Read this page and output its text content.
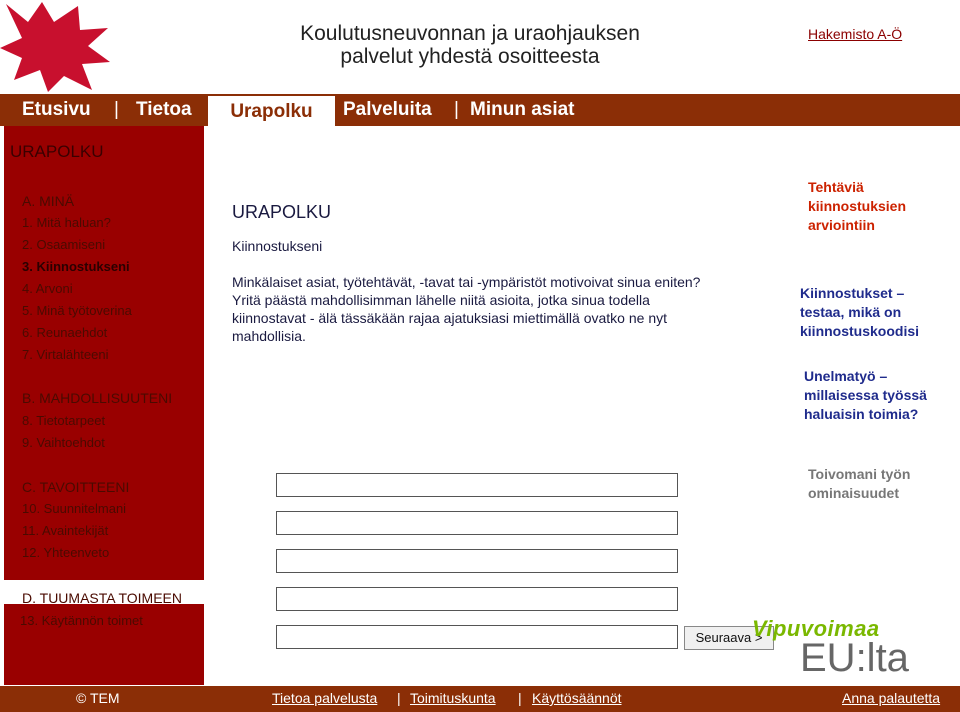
Koulutusneuvonnan ja uraohjauksen
palvelut yhdestä osoitteesta
Hakemisto A-Ö
Etusivu | Tietoa	Urapolku	Palveluita | Minun asiat
URAPOLKU
A. MINÄ
1. Mitä haluan?
2. Osaamiseni
3. Kiinnostukseni
4. Arvoni
5. Minä työtoverina
6. Reunaehdot
7. Virtalähteeni
B. MAHDOLLISUUTENI
8. Tietotarpeet
9. Vaihtoehdot
C. TAVOITTEENI
10. Suunnitelmani
11. Avaintekijät
12. Yhteenveto
D. TUUMASTA TOIMEEN
13. Käytännön toimet
URAPOLKU
Kiinnostukseni
Minkälaiset asiat, työtehtävät, -tavat tai -ympäristöt motivoivat sinua eniten? Yritä päästä mahdollisimman lähelle niitä asioita, jotka sinua todella kiinnostavat - älä tässäkään rajaa ajatuksiasi miettimällä ovatko ne nyt mahdollisia.
Seuraava >
Vipuvoimaa
EU:lta
Tehtäviä
kiinnostuksien
arviointiin
Kiinnostukset –
testaa, mikä on
kiinnostuskoodisi
Unelmatyö –
millaisessa työssä
haluaisin toimia?
Toivomani työn
ominaisuudet
© TEM	Tietoa palvelusta | Toimituskunta | Käyttösäännöt	Anna palautetta
